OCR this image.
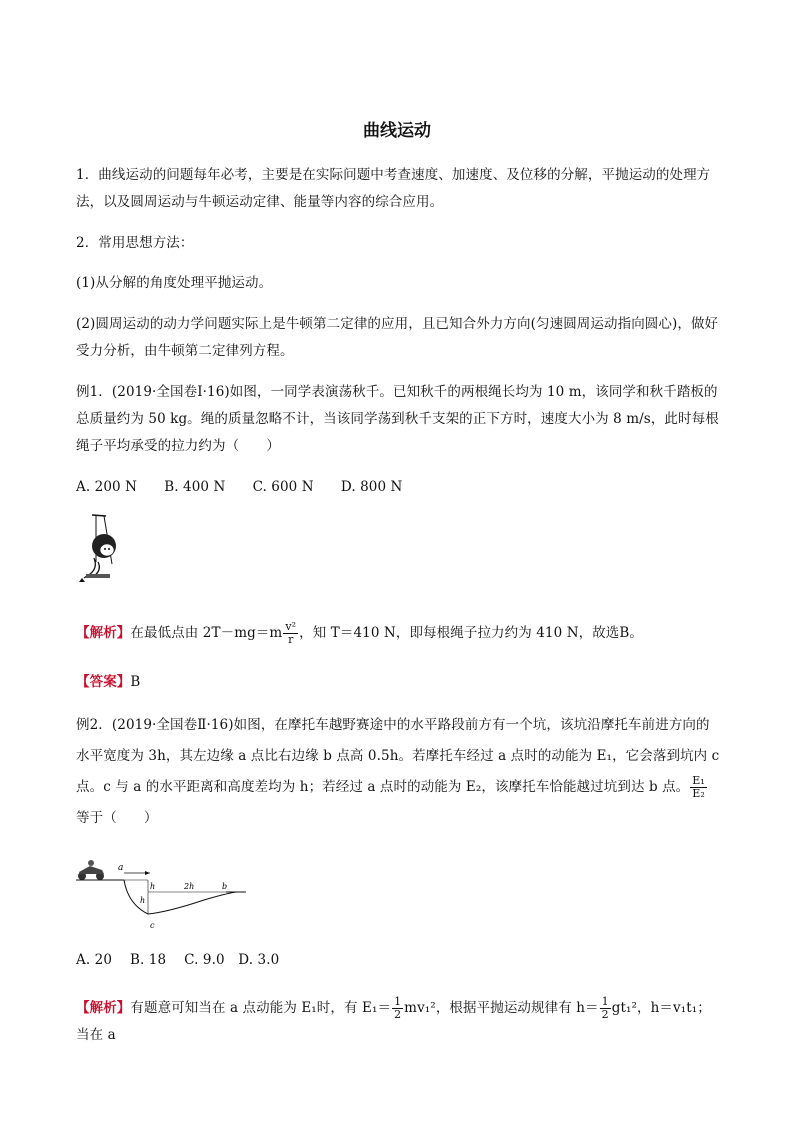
曲线运动
1．曲线运动的问题每年必考，主要是在实际问题中考查速度、加速度、及位移的分解，平抛运动的处理方法，以及圆周运动与牛顿运动定律、能量等内容的综合应用。
2．常用思想方法：
(1)从分解的角度处理平抛运动。
(2)圆周运动的动力学问题实际上是牛顿第二定律的应用，且已知合外力方向(匀速圆周运动指向圆心)，做好受力分析，由牛顿第二定律列方程。
例1．(2019·全国卷Ⅰ·16)如图，一同学表演荡秋千。已知秋千的两根绳长均为 10 m，该同学和秋千踏板的总质量约为 50 kg。绳的质量忽略不计，当该同学荡到秋千支架的正下方时，速度大小为 8 m/s，此时每根绳子平均承受的拉力约为（　　）
A. 200 N　　B. 400 N　　C. 600 N　　D. 800 N
【解析】在最低点由 $2T-mg=m \frac{\text{v²}}{r}$ ，知 T＝410 N，即每根绳子拉力约为 410 N，故选B。
【答案】B
例2．(2019·全国卷Ⅱ·16)如图，在摩托车越野赛途中的水平路段前方有一个坑，该坑沿摩托车前进方向的水平宽度为 3h，其左边缘 a 点比右边缘 b 点高 0.5h。若摩托车经过 a 点时的动能为 E₁，它会落到坑内 c 点。c 与 a 的水平距离和高度差均为 h；若经过 a 点时的动能为 E₂，该摩托车恰能越过坑到达 b 点。 $\frac{\text{E₁}}{\text{E₂}}$
等于（　　）
a
h
h
2h	b
c
A. 20　 B. 18　 C. 9.0　D. 3.0
【解析】有题意可知当在 a 点动能为 E₁时，有 $E_1= \frac{1}{2} mv_1^2$，根据平抛运动规律有 $h= \frac{1}{2} gt_1^2$，h＝v₁t₁；当在 a
